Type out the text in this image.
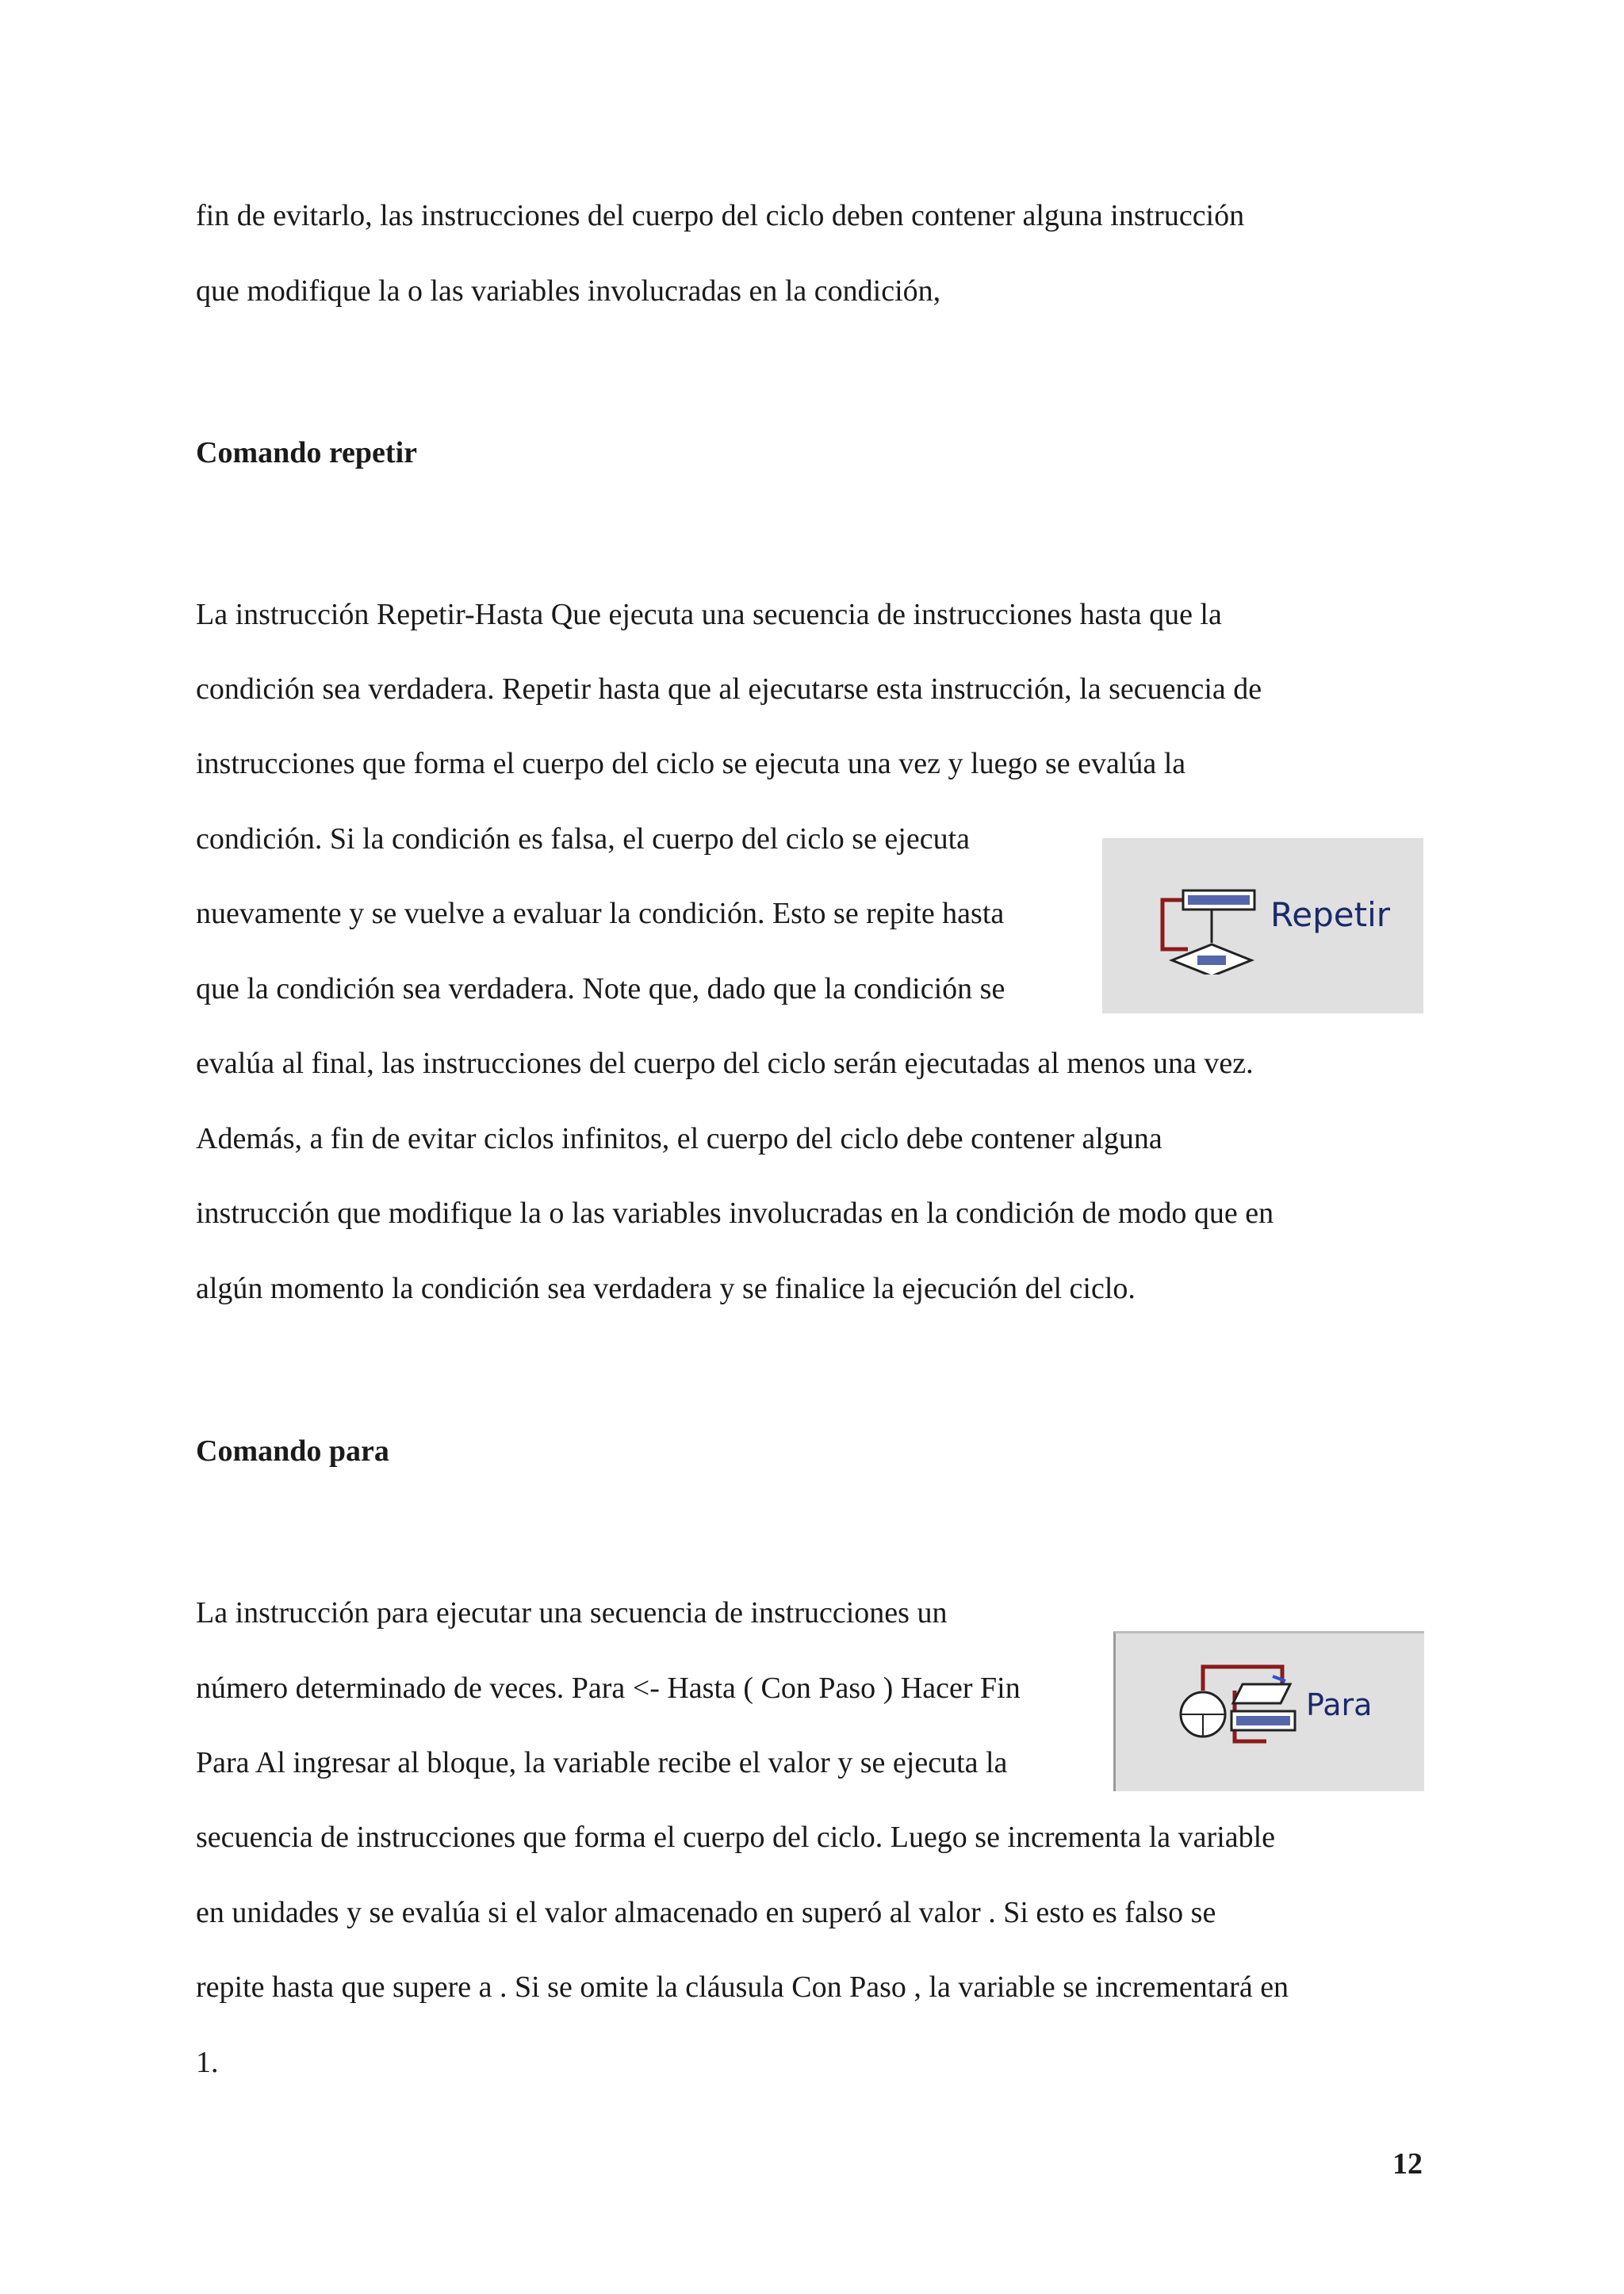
fin de evitarlo, las instrucciones del cuerpo del ciclo deben contener alguna instrucción
que modifique la o las variables involucradas en la condición,
Comando repetir
La instrucción Repetir-Hasta Que ejecuta una secuencia de instrucciones hasta que la
condición sea verdadera. Repetir hasta que al ejecutarse esta instrucción, la secuencia de
instrucciones que forma el cuerpo del ciclo se ejecuta una vez y luego se evalúa la
condición. Si la condición es falsa, el cuerpo del ciclo se ejecuta
nuevamente y se vuelve a evaluar la condición. Esto se repite hasta
que la condición sea verdadera. Note que, dado que la condición se
evalúa al final, las instrucciones del cuerpo del ciclo serán ejecutadas al menos una vez.
Además, a fin de evitar ciclos infinitos, el cuerpo del ciclo debe contener alguna
instrucción que modifique la o las variables involucradas en la condición de modo que en
algún momento la condición sea verdadera y se finalice la ejecución del ciclo.
Repetir
Comando para
La instrucción para ejecutar una secuencia de instrucciones un
número determinado de veces. Para <- Hasta ( Con Paso ) Hacer Fin
Para Al ingresar al bloque, la variable recibe el valor y se ejecuta la
secuencia de instrucciones que forma el cuerpo del ciclo. Luego se incrementa la variable
en unidades y se evalúa si el valor almacenado en superó al valor . Si esto es falso se
repite hasta que supere a . Si se omite la cláusula Con Paso , la variable se incrementará en
1.
Para
12
